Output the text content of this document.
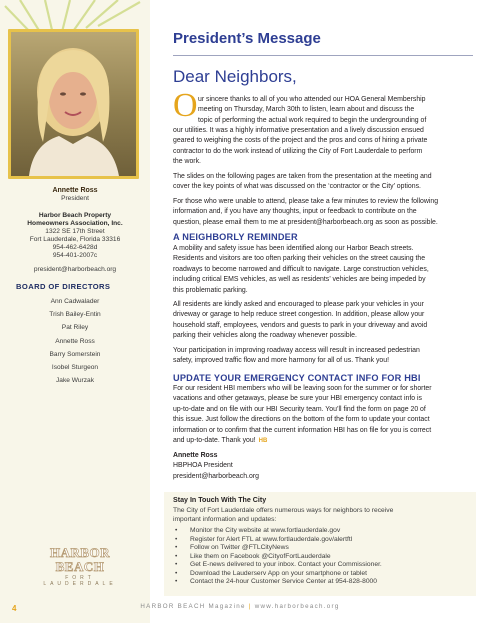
Annette Ross
President
Harbor Beach Property
Homeowners Association, Inc.
1322 SE 17th Street
Fort Lauderdale, Florida 33316
954-462-6428d
954-401-2007c
president@harborbeach.org
BOARD OF DIRECTORS
Ann Cadwalader
Trish Bailey-Entin
Pat Riley
Annette Ross
Barry Somerstein
Isobel Sturgeon
Jake Wurzak
HARBOR BEACH
FORT LAUDERDALE
4
President’s Message
Dear Neighbors,
O ur sincere thanks to all of you who attended our HOA General Membership
meeting on Thursday, March 30th to listen, learn about and discuss the
topic of performing the actual work required to begin the undergrounding of
our utilities. It was a highly informative presentation and a lively discussion ensued
geared to weighing the costs of the project and the pros and cons of hiring a private
contractor to do the work instead of utilizing the City of Fort Lauderdale to perform
the work.
The slides on the following pages are taken from the presentation at the meeting and
cover the key points of what was discussed on the ‘contractor or the City’ options.
For those who were unable to attend, please take a few minutes to review the following
information and, if you have any thoughts, input or feedback to contribute on the
question, please email them to me at president@harborbeach.org as soon as possible.
A NEIGHBORLY REMINDER
A mobility and safety issue has been identified along our Harbor Beach streets.
Residents and visitors are too often parking their vehicles on the street causing the
roadways to become narrowed and difficult to navigate. Large construction vehicles,
including critical EMS vehicles, as well as residents’ vehicles are being impeded by
this problematic parking.
All residents are kindly asked and encouraged to please park your vehicles in your
driveway or garage to help reduce street congestion. In addition, please allow your
household staff, employees, vendors and guests to park in your driveway and avoid
parking their vehicles along the roadway whenever possible.
Your participation in improving roadway access will result in increased pedestrian
safety, improved traffic flow and more harmony for all of us. Thank you!
UPDATE YOUR EMERGENCY CONTACT INFO FOR HBI
For our resident HBI members who will be leaving soon for the summer or for shorter
vacations and other getaways, please be sure your HBI emergency contact info is
up-to-date and on file with our HBI Security team. You’ll find the form on page 20 of
this issue. Just follow the directions on the bottom of the form to update your contact
information or to confirm that the current information HBI has on file for you is correct
and up-to-date. Thank you! HB
Annette Ross
HBPHOA President
president@harborbeach.org
Stay In Touch With The City
The City of Fort Lauderdale offers numerous ways for neighbors to receive
important information and updates:
• Monitor the City website at www.fortlauderdale.gov
• Register for Alert FTL at www.fortlauderdale.gov/alertftl
• Follow on Twitter @FTLCityNews
• Like them on Facebook @CityofFortLauderdale
• Get E-news delivered to your inbox. Contact your Commissioner.
• Download the Lauderserv App on your smartphone or tablet
• Contact the 24-hour Customer Service Center at 954-828-8000
HARBOR BEACH Magazine | www.harborbeach.org
